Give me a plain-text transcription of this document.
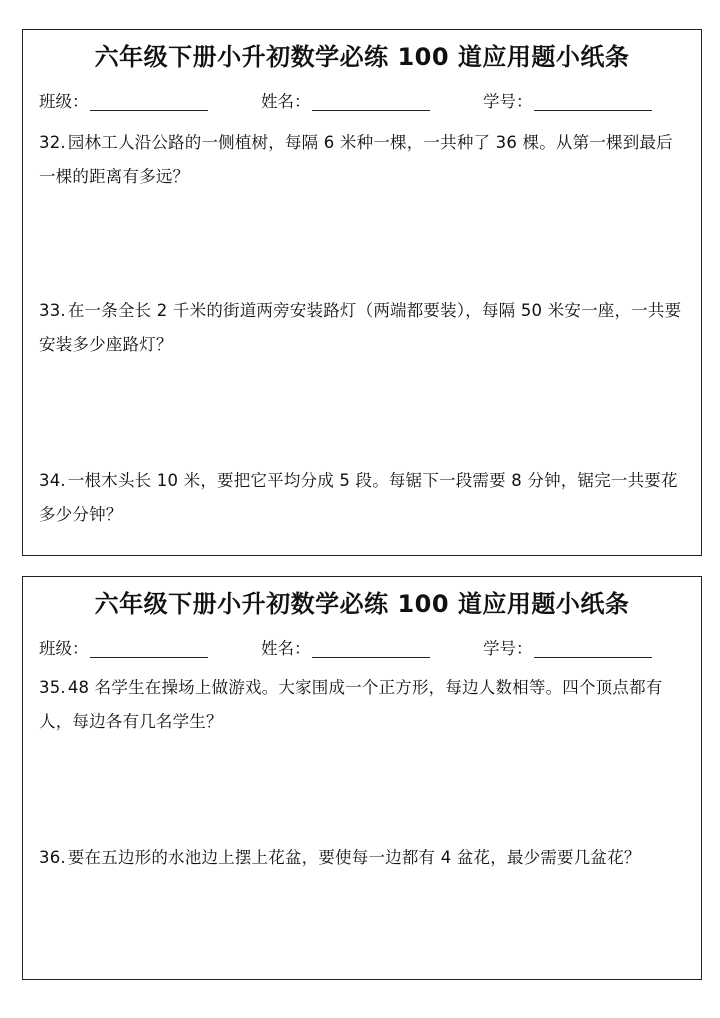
六年级下册小升初数学必练 100 道应用题小纸条
班级：	姓名：	学号：
32. 园林工人沿公路的一侧植树，每隔 6 米种一棵，一共种了 36 棵。从第一棵到最后一棵的距离有多远？
33. 在一条全长 2 千米的街道两旁安装路灯（两端都要装），每隔 50 米安一座，一共要安装多少座路灯？
34. 一根木头长 10 米，要把它平均分成 5 段。每锯下一段需要 8 分钟，锯完一共要花多少分钟？
六年级下册小升初数学必练 100 道应用题小纸条
班级：	姓名：	学号：
35. 48 名学生在操场上做游戏。大家围成一个正方形，每边人数相等。四个顶点都有人，每边各有几名学生？
36. 要在五边形的水池边上摆上花盆，要使每一边都有 4 盆花，最少需要几盆花？
